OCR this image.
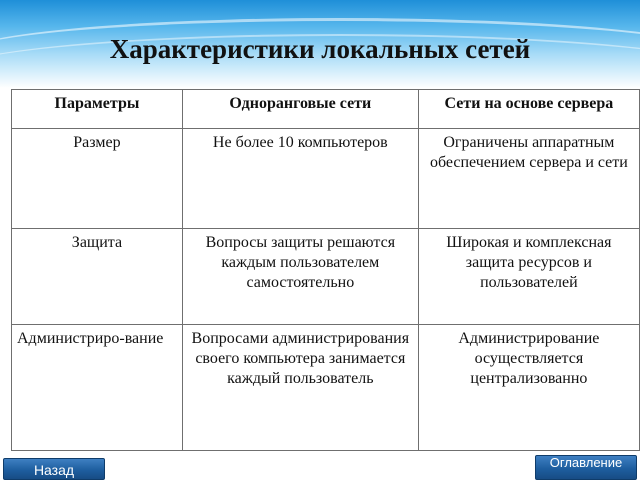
Характеристики локальных сетей
Параметры	Одноранговые сети	Сети на основе сервера
Размер	Не более 10 компьютеров	Ограничены аппаратным обеспечением сервера и сети
Защита	Вопросы защиты решаются каждым пользователем самостоятельно	Широкая и комплексная защита ресурсов и пользователей
Администриро-вание	Вопросами администрирования своего компьютера занимается каждый пользователь	Администрирование осуществляется централизованно
Назад	Оглавление
